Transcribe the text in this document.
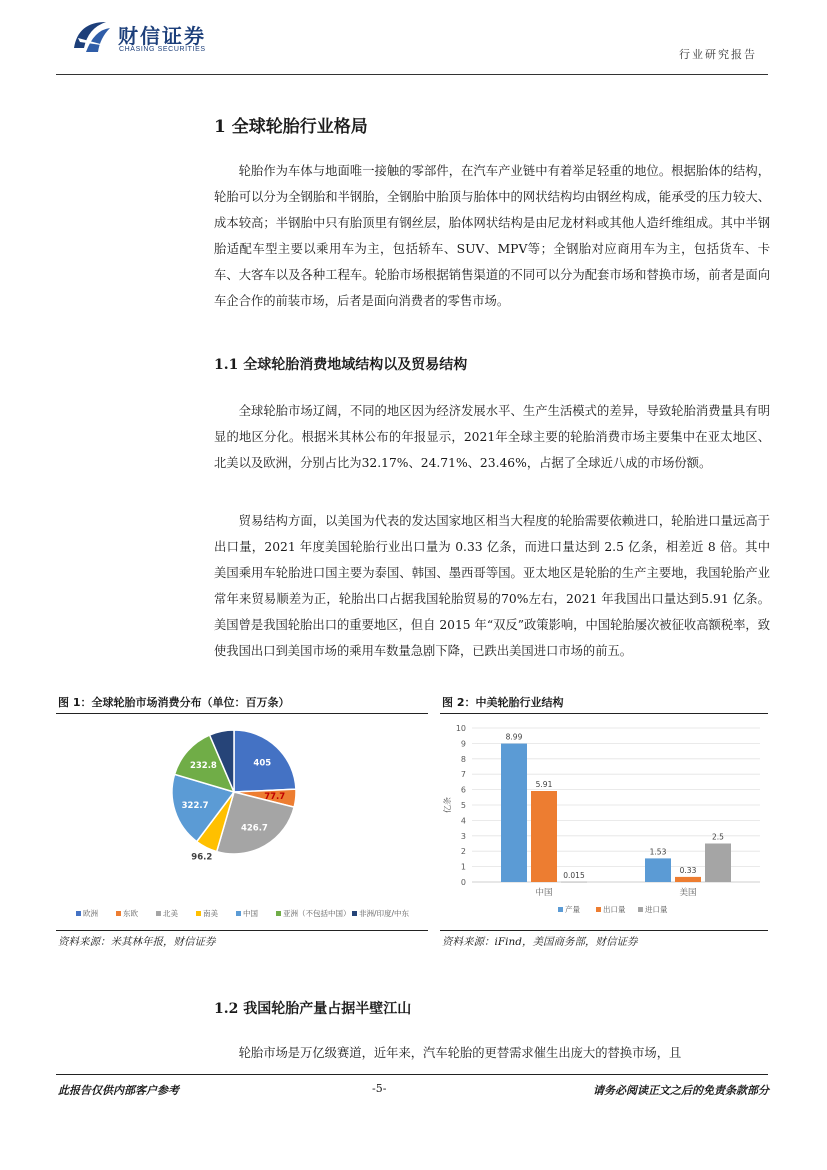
财信证券
CHASING SECURITIES	行业研究报告
1 全球轮胎行业格局

轮胎作为车体与地面唯一接触的零部件，在汽车产业链中有着举足轻重的地位。根据胎体的结构，轮胎可以分为全钢胎和半钢胎，全钢胎中胎顶与胎体中的网状结构均由钢丝构成，能承受的压力较大、成本较高；半钢胎中只有胎顶里有钢丝层，胎体网状结构是由尼龙材料或其他人造纤维组成。其中半钢胎适配车型主要以乘用车为主，包括轿车、SUV、MPV等；全钢胎对应商用车为主，包括货车、卡车、大客车以及各种工程车。轮胎市场根据销售渠道的不同可以分为配套市场和替换市场，前者是面向车企合作的前装市场，后者是面向消费者的零售市场。

1.1 全球轮胎消费地域结构以及贸易结构

全球轮胎市场辽阔，不同的地区因为经济发展水平、生产生活模式的差异，导致轮胎消费量具有明显的地区分化。根据米其林公布的年报显示，2021年全球主要的轮胎消费市场主要集中在亚太地区、北美以及欧洲，分别占比为32.17%、24.71%、23.46%，占据了全球近八成的市场份额。

贸易结构方面，以美国为代表的发达国家地区相当大程度的轮胎需要依赖进口，轮胎进口量远高于出口量，2021 年度美国轮胎行业出口量为 0.33 亿条，而进口量达到 2.5 亿条，相差近 8 倍。其中美国乘用车轮胎进口国主要为泰国、韩国、墨西哥等国。亚太地区是轮胎的生产主要地，我国轮胎产业常年来贸易顺差为正，轮胎出口占据我国轮胎贸易的70%左右，2021 年我国出口量达到5.91 亿条。美国曾是我国轮胎出口的重要地区，但自 2015 年“双反”政策影响，中国轮胎屡次被征收高额税率，致使我国出口到美国市场的乘用车数量急剧下降，已跌出美国进口市场的前五。

图 1：全球轮胎市场消费分布（单位：百万条）
405
77.7
426.7
96.2
322.7
232.8
欧洲	东欧	北美	南美	中国	亚洲（不包括中国） 非洲/印度/中东
资料来源：米其林年报，财信证券
图 2：中美轮胎行业结构
0
1
2
3
4
5
6
7
8
9
10
亿条
8.99
5.91
0.015
中国
1.53
0.33
2.5
美国
产量	出口量	进口量
资料来源：iFind，美国商务部，财信证券
1.2 我国轮胎产量占据半壁江山

轮胎市场是万亿级赛道，近年来，汽车轮胎的更替需求催生出庞大的替换市场，且

此报告仅供内部客户参考	-5-	请务必阅读正文之后的免责条款部分
